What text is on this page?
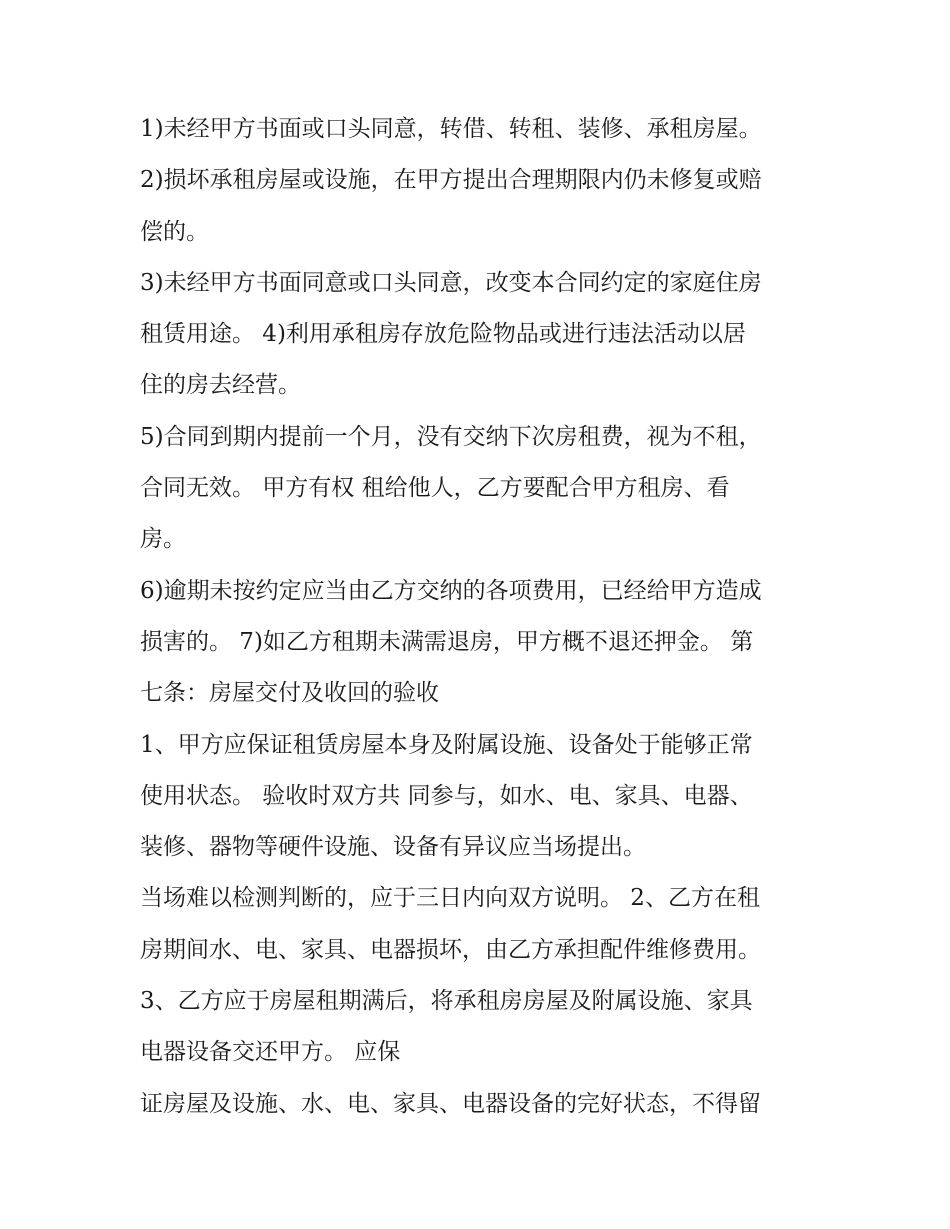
1)未经甲方书面或口头同意，转借、转租、装修、承租房屋。
2)损坏承租房屋或设施，在甲方提出合理期限内仍未修复或赔
偿的。
3)未经甲方书面同意或口头同意，改变本合同约定的家庭住房
租赁用途。 4)利用承租房存放危险物品或进行违法活动以居
住的房去经营。
5)合同到期内提前一个月，没有交纳下次房租费，视为不租，
合同无效。 甲方有权 租给他人，乙方要配合甲方租房、看
房。
6)逾期未按约定应当由乙方交纳的各项费用，已经给甲方造成
损害的。 7)如乙方租期未满需退房，甲方概不退还押金。 第
七条：房屋交付及收回的验收
1、甲方应保证租赁房屋本身及附属设施、设备处于能够正常
使用状态。 验收时双方共 同参与，如水、电、家具、电器、
装修、器物等硬件设施、设备有异议应当场提出。
当场难以检测判断的，应于三日内向双方说明。 2、乙方在租
房期间水、电、家具、电器损坏，由乙方承担配件维修费用。
3、乙方应于房屋租期满后，将承租房房屋及附属设施、家具
电器设备交还甲方。 应保
证房屋及设施、水、电、家具、电器设备的完好状态，不得留
